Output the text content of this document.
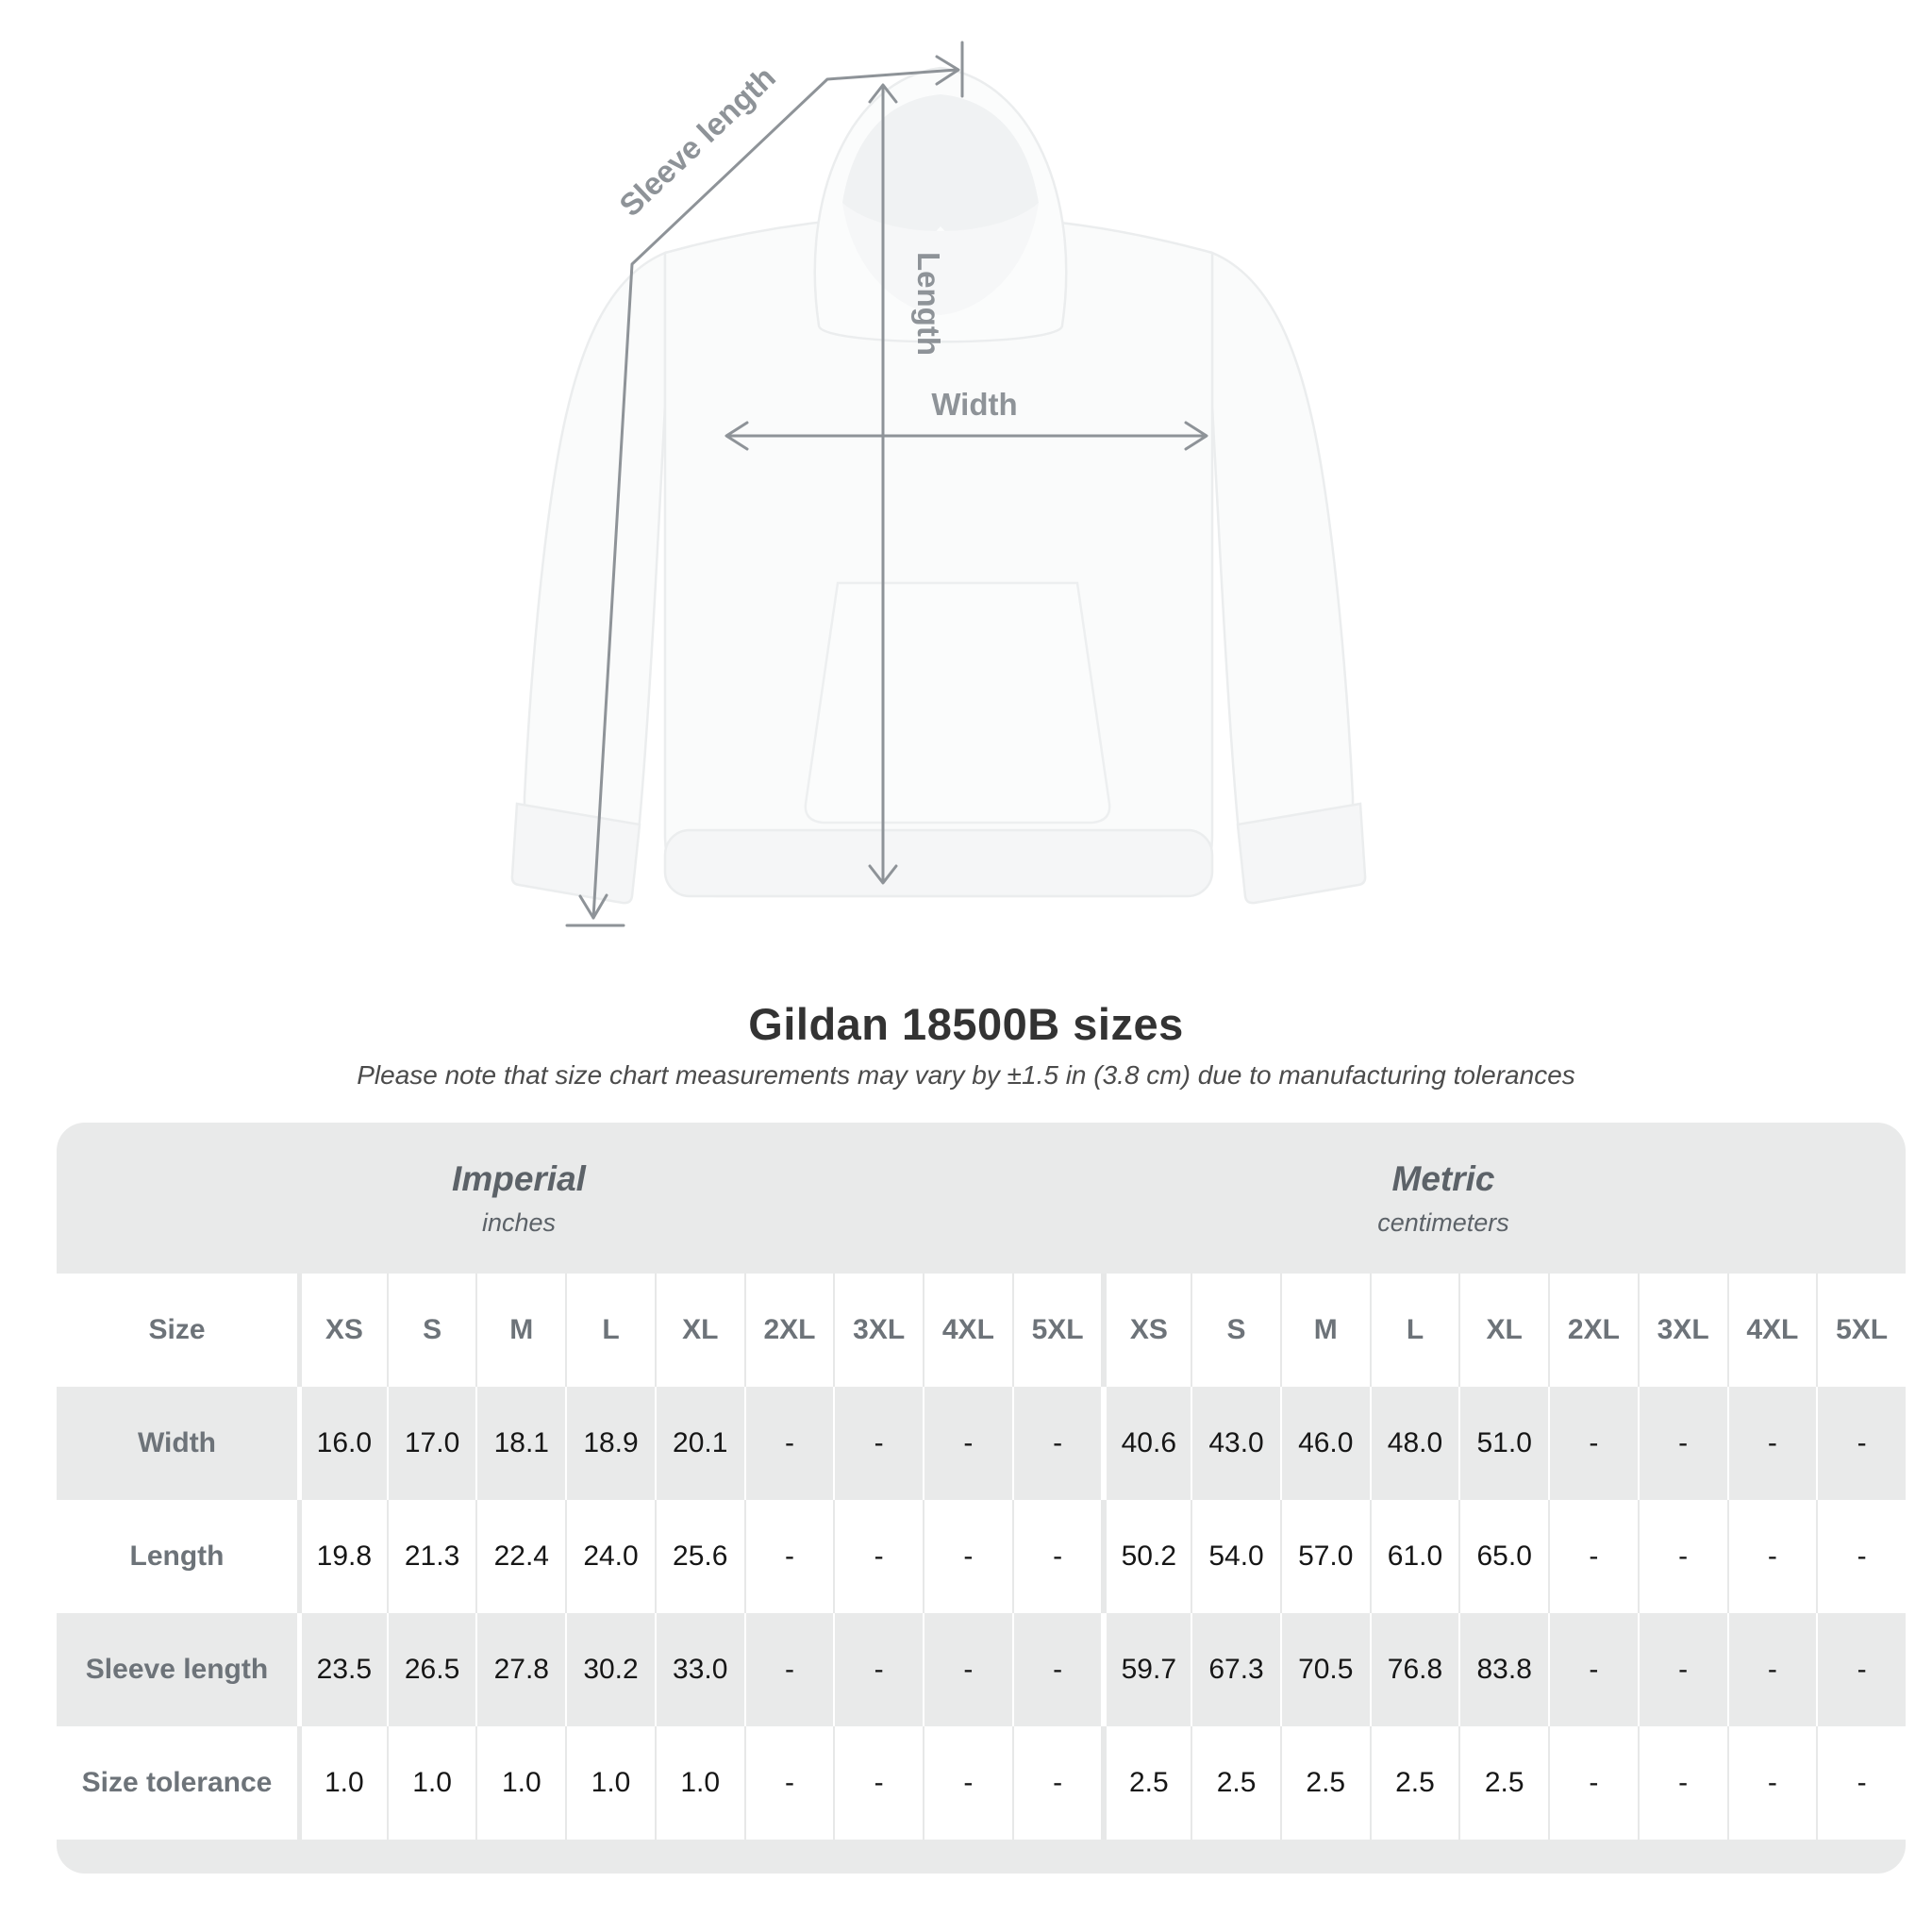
Sleeve length
Length
Width
Gildan 18500B sizes

Please note that size chart measurements may vary by ±1.5 in (3.8 cm) due to manufacturing tolerances

Imperial
inches
Metric
centimeters
Size	XS	S	M	L	XL	2XL	3XL	4XL	5XL	XS	S	M	L	XL	2XL	3XL	4XL	5XL
Width	16.0	17.0	18.1	18.9	20.1	-	-	-	-	40.6	43.0	46.0	48.0	51.0	-	-	-	-
Length	19.8	21.3	22.4	24.0	25.6	-	-	-	-	50.2	54.0	57.0	61.0	65.0	-	-	-	-
Sleeve length	23.5	26.5	27.8	30.2	33.0	-	-	-	-	59.7	67.3	70.5	76.8	83.8	-	-	-	-
Size tolerance	1.0	1.0	1.0	1.0	1.0	-	-	-	-	2.5	2.5	2.5	2.5	2.5	-	-	-	-
